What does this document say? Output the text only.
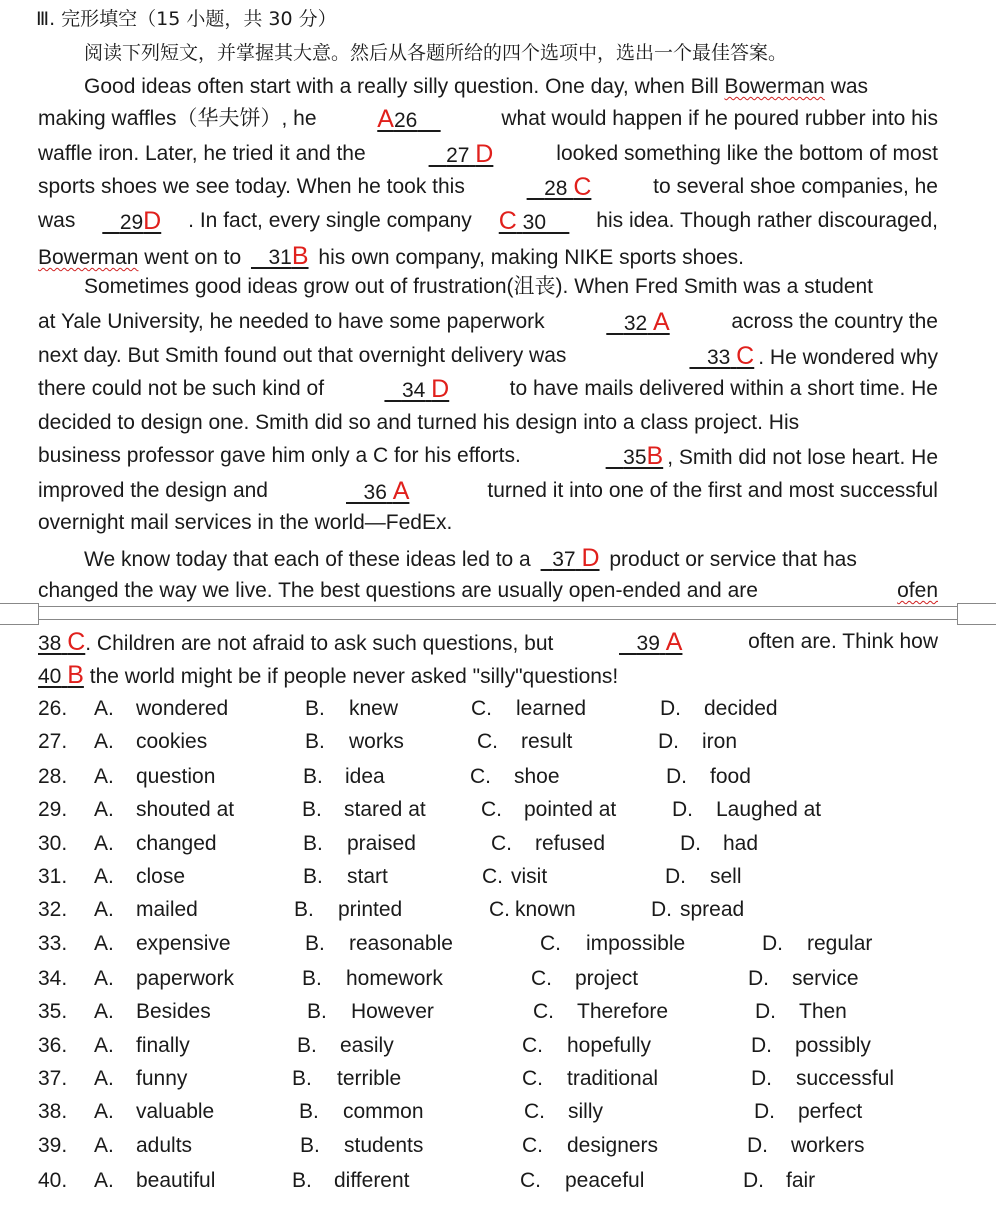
Ⅲ. 完形填空（15 小题，共 30 分）
阅读下列短文，并掌握其大意。然后从各题所给的四个选项中，选出一个最佳答案。
Good ideas often start with a really silly question. One day, when Bill Bowerman was
making waffles（华夫饼）, he A26	what would happen if he poured rubber into his
waffle iron. Later, he tried it and the	27 D	looked something like the bottom of most
sports shoes we see today. When he took this	28 C	to several shoe companies, he
was	29D . In fact, every single company C 30	his idea. Though rather discouraged,
Bowerman went on to 31B his own company, making NIKE sports shoes.
Sometimes good ideas grow out of frustration(沮丧). When Fred Smith was a student
at Yale University, he needed to have some paperwork	32 A	across the country the
next day. But Smith found out that overnight delivery was	33 C . He wondered why
there could not be such kind of	34 D	to have mails delivered within a short time. He
decided to design one. Smith did so and turned his design into a class project. His
business professor gave him only a C for his efforts.	35B , Smith did not lose heart. He
improved the design and	36 A	turned it into one of the first and most successful
overnight mail services in the world—FedEx.
We know today that each of these ideas led to a 37 D product or service that has
changed the way we live. The best questions are usually open-ended and are	ofen
38 C. Children are not afraid to ask such questions, but	39 A	often are. Think how
40 B the world might be if people never asked "silly"questions!
26. A. wondered	B. knew	C. learned	D. decided
27. A. cookies	B. works	C. result	D. iron
28. A. question	B. idea	C. shoe	D. food
29. A. shouted at	B. stared at	C. pointed at	D. Laughed at
30. A. changed	B. praised	C. refused	D. had
31. A. close	B. start	C. visit	D. sell
32. A. mailed	B. printed	C. known	D. spread
33. A. expensive	B. reasonable	C. impossible	D. regular
34. A. paperwork	B. homework	C. project	D. service
35. A. Besides	B. However	C. Therefore	D. Then
36. A. finally	B. easily	C. hopefully	D. possibly
37. A. funny	B. terrible	C. traditional	D. successful
38. A. valuable	B. common	C. silly	D. perfect
39. A. adults	B. students	C. designers	D. workers
40. A. beautiful	B. different	C. peaceful	D. fair
